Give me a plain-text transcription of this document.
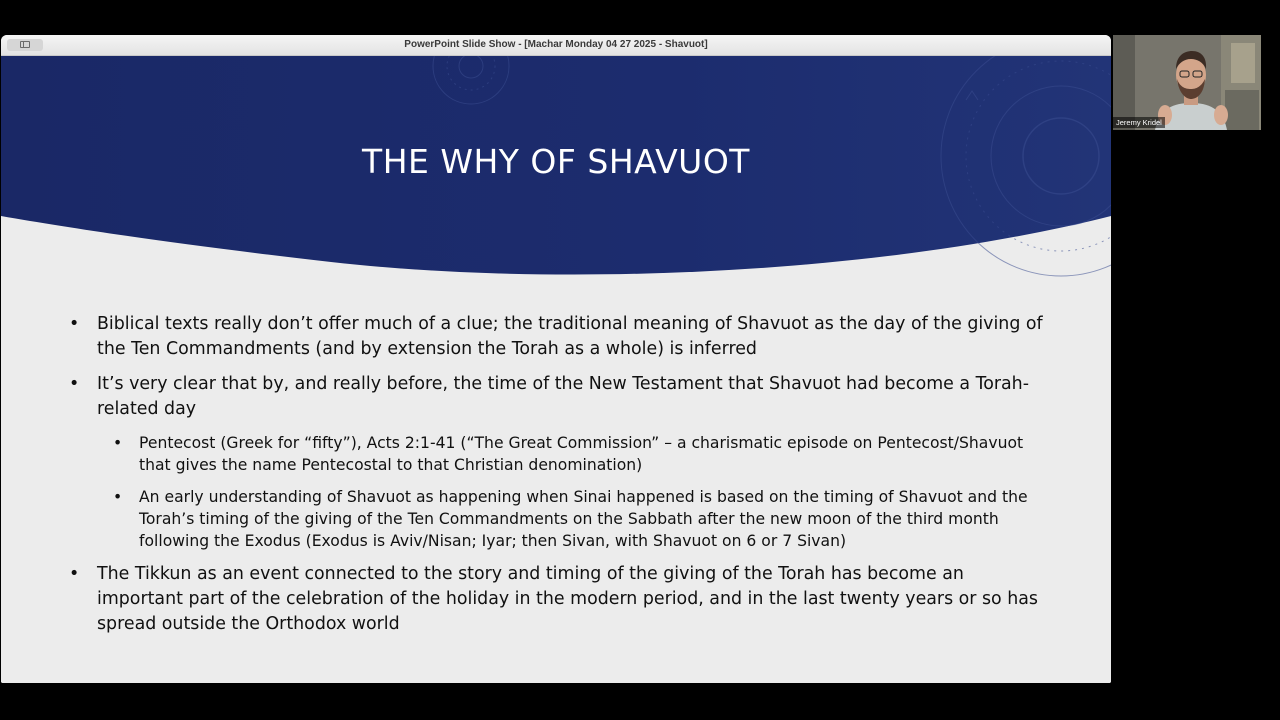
PowerPoint Slide Show - [Machar Monday 04 27 2025 - Shavuot]
THE WHY OF SHAVUOT
• Biblical texts really don’t offer much of a clue; the traditional meaning of Shavuot as the day of the giving of the Ten Commandments (and by extension the Torah as a whole) is inferred
• It’s very clear that by, and really before, the time of the New Testament that Shavuot had become a Torah-related day
• Pentecost (Greek for “fifty”), Acts 2:1-41 (“The Great Commission” – a charismatic episode on Pentecost/Shavuot that gives the name Pentecostal to that Christian denomination)
• An early understanding of Shavuot as happening when Sinai happened is based on the timing of Shavuot and the Torah’s timing of the giving of the Ten Commandments on the Sabbath after the new moon of the third month following the Exodus (Exodus is Aviv/Nisan; Iyar; then Sivan, with Shavuot on 6 or 7 Sivan)
• The Tikkun as an event connected to the story and timing of the giving of the Torah has become an important part of the celebration of the holiday in the modern period, and in the last twenty years or so has spread outside the Orthodox world
Jeremy Kridel
